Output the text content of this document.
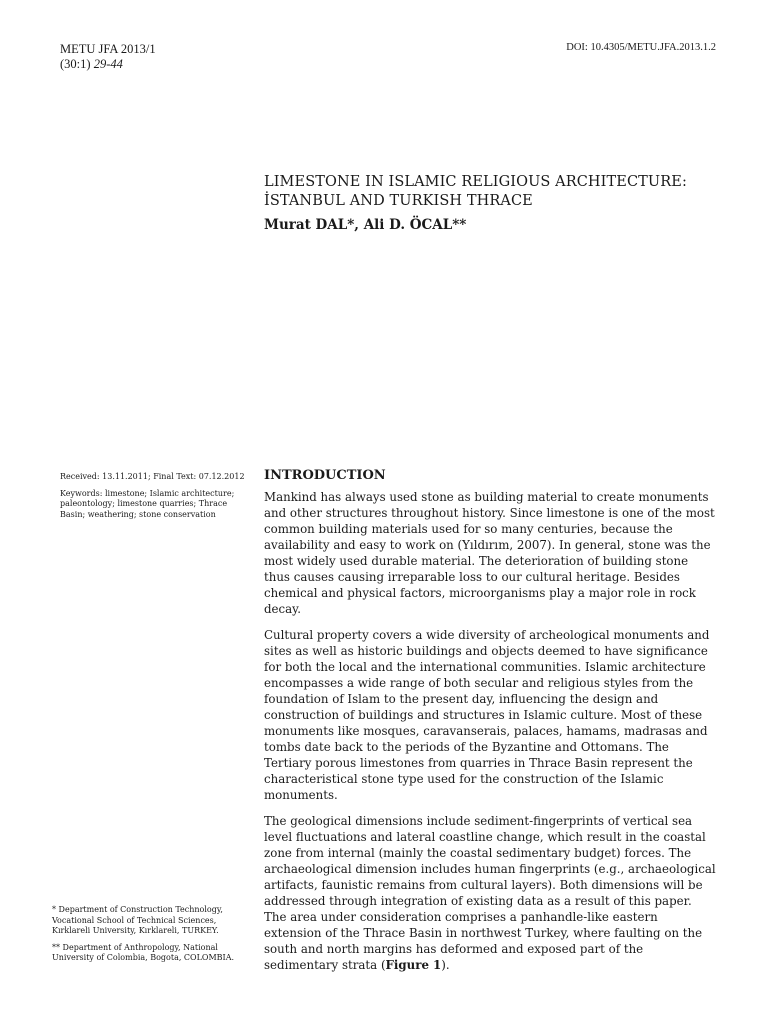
METU JFA 2013/1
(30:1) 29-44
DOI: 10.4305/METU.JFA.2013.1.2
LIMESTONE IN ISLAMIC RELIGIOUS ARCHITECTURE:
İSTANBUL AND TURKISH THRACE
Murat DAL*, Ali D. ÖCAL**

Received: 13.11.2011; Final Text: 07.12.2012

Keywords: limestone; Islamic architecture; paleontology; limestone quarries; Thrace Basin; weathering; stone conservation

* Department of Construction Technology, Vocational School of Technical Sciences, Kırklareli University, Kırklareli, TURKEY.

** Department of Anthropology, National University of Colombia, Bogota, COLOMBIA.

INTRODUCTION

Mankind has always used stone as building material to create monuments and other structures throughout history. Since limestone is one of the most common building materials used for so many centuries, because the availability and easy to work on (Yıldırım, 2007). In general, stone was the most widely used durable material. The deterioration of building stone thus causes causing irreparable loss to our cultural heritage. Besides chemical and physical factors, microorganisms play a major role in rock decay.

Cultural property covers a wide diversity of archeological monuments and sites as well as historic buildings and objects deemed to have significance for both the local and the international communities. Islamic architecture encompasses a wide range of both secular and religious styles from the foundation of Islam to the present day, influencing the design and construction of buildings and structures in Islamic culture. Most of these monuments like mosques, caravanserais, palaces, hamams, madrasas and tombs date back to the periods of the Byzantine and Ottomans. The Tertiary porous limestones from quarries in Thrace Basin represent the characteristical stone type used for the construction of the Islamic monuments.

The geological dimensions include sediment-fingerprints of vertical sea level fluctuations and lateral coastline change, which result in the coastal zone from internal (mainly the coastal sedimentary budget) forces. The archaeological dimension includes human fingerprints (e.g., archaeological artifacts, faunistic remains from cultural layers). Both dimensions will be addressed through integration of existing data as a result of this paper. The area under consideration comprises a panhandle-like eastern extension of the Thrace Basin in northwest Turkey, where faulting on the south and north margins has deformed and exposed part of the sedimentary strata (Figure 1).
